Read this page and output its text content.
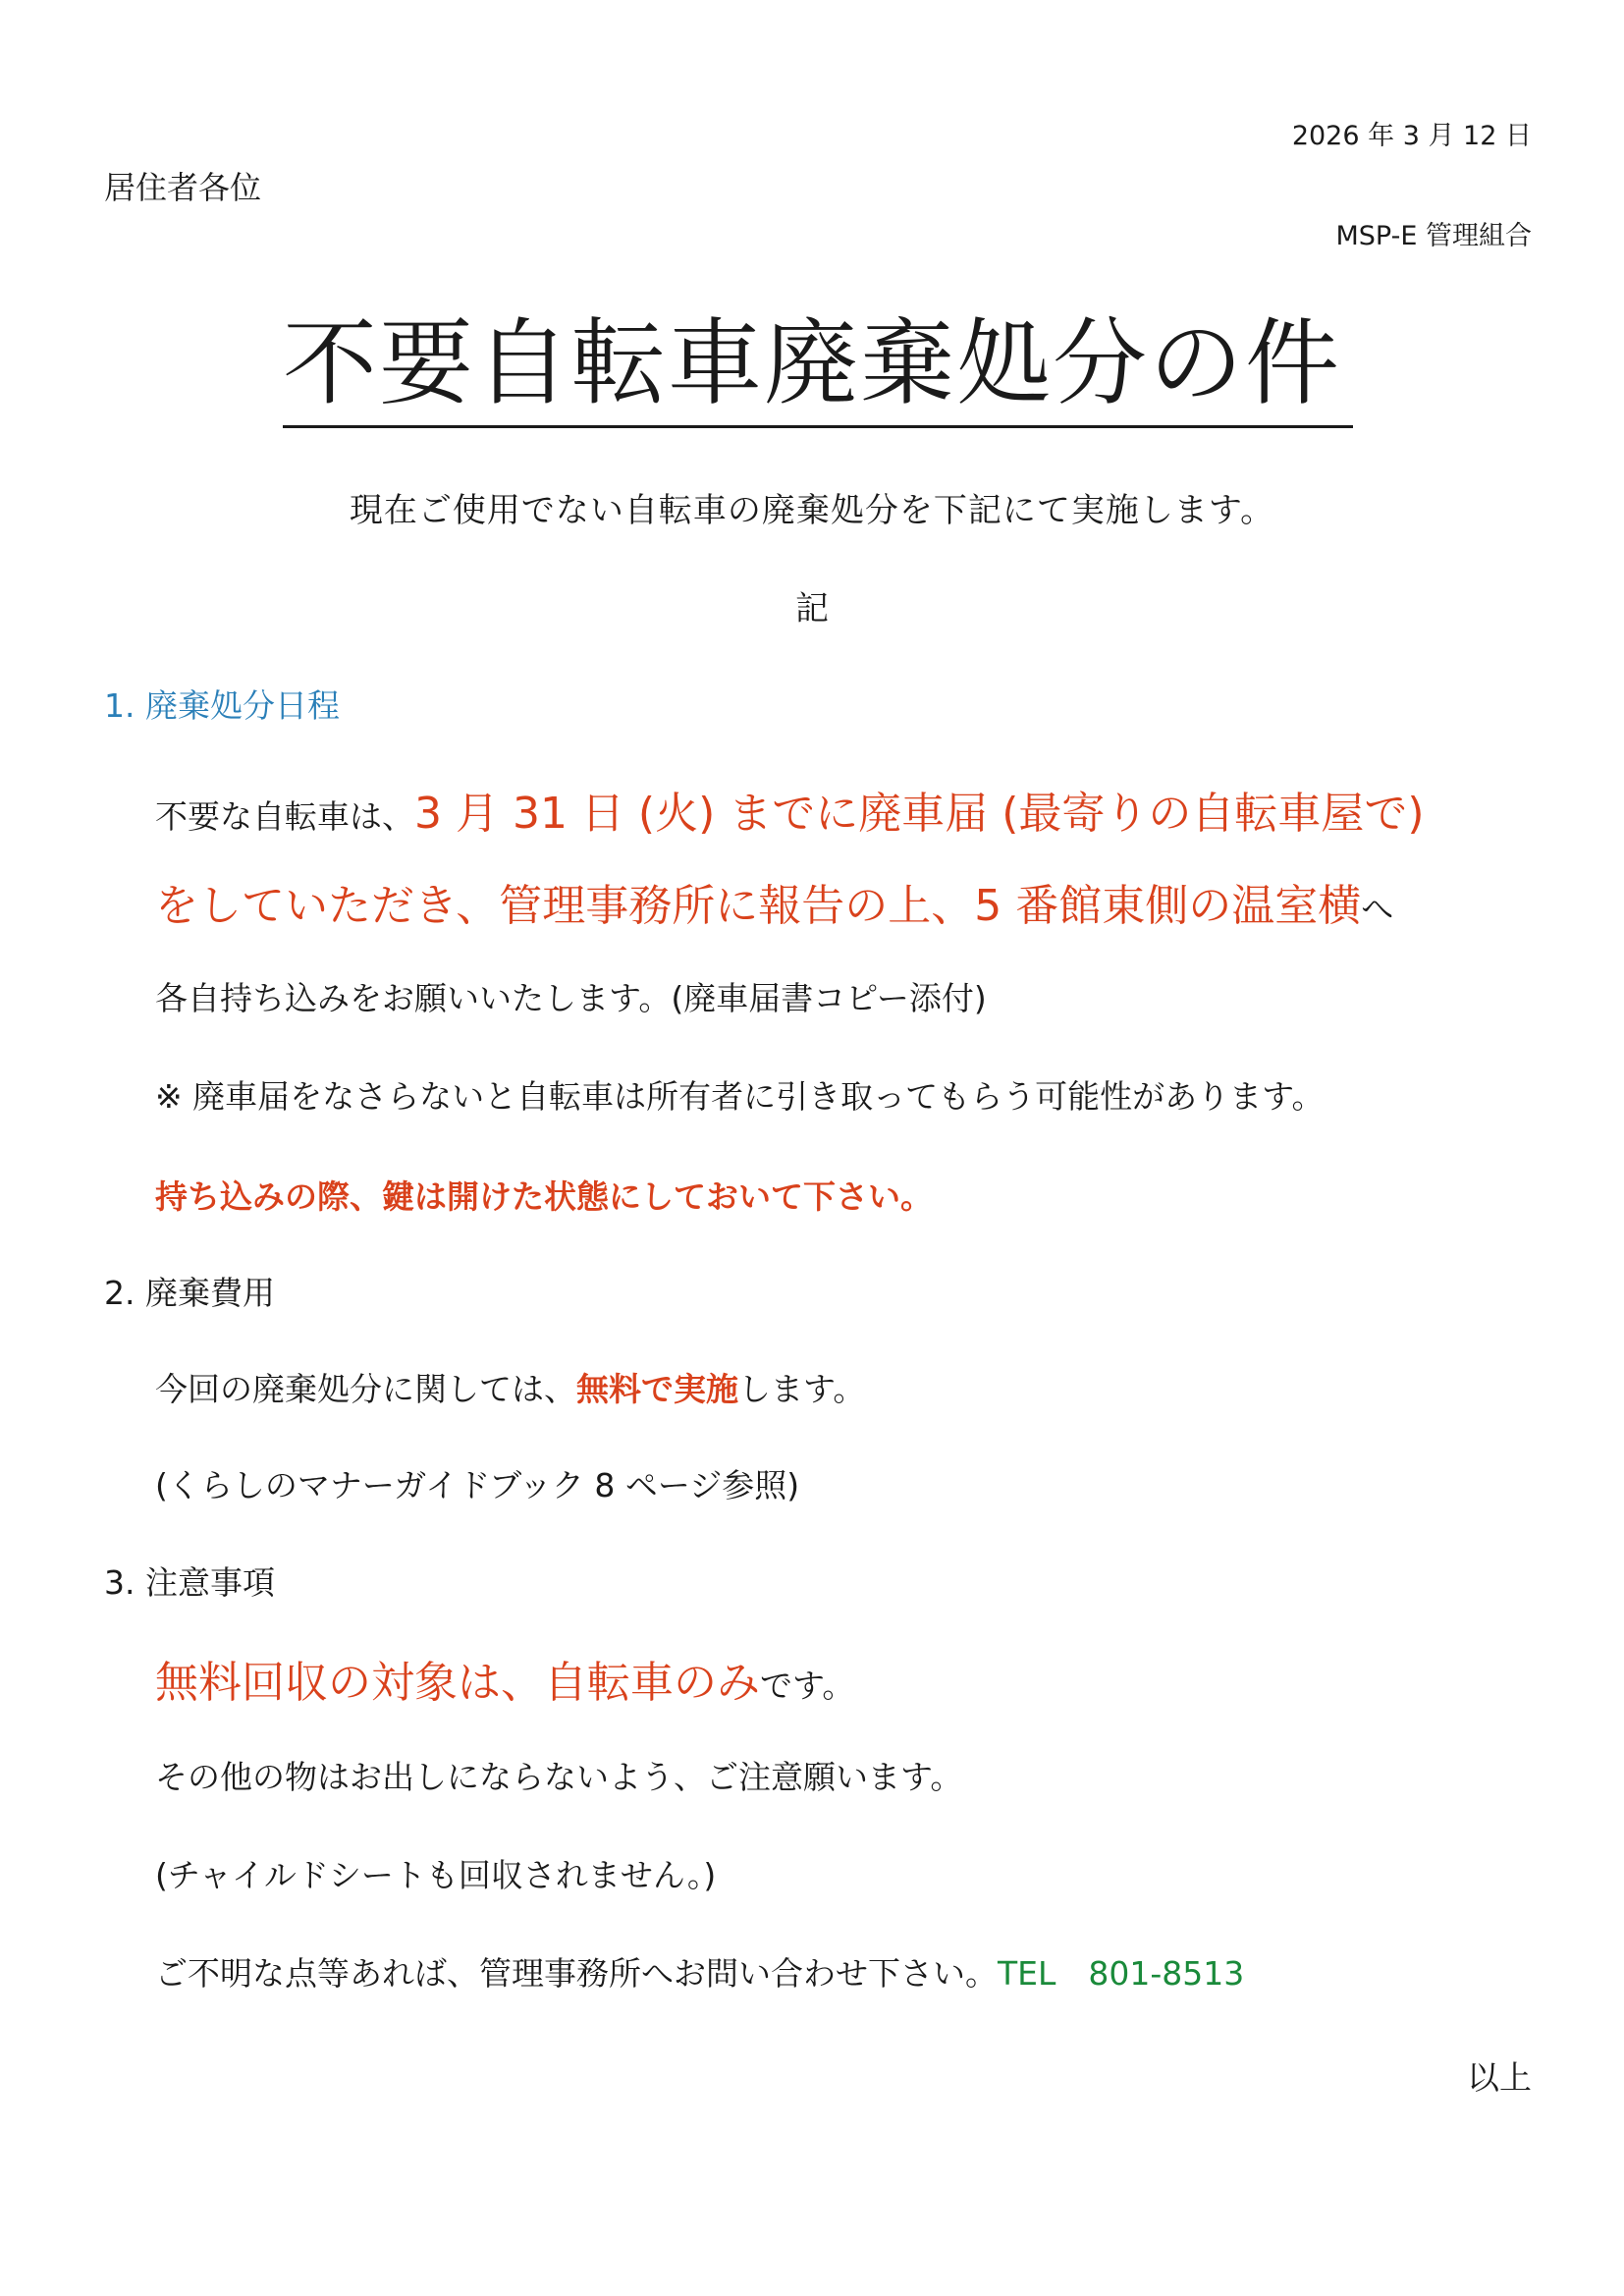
2026 年 3 月 12 日
居住者各位
MSP-E 管理組合
不要自転車廃棄処分の件
現在ご使用でない自転車の廃棄処分を下記にて実施します。
記
1. 廃棄処分日程
不要な自転車は、3 月 31 日 (火) までに廃車届 (最寄りの自転車屋で)
をしていただき、管理事務所に報告の上、5 番館東側の温室横へ
各自持ち込みをお願いいたします。(廃車届書コピー添付)
※ 廃車届をなさらないと自転車は所有者に引き取ってもらう可能性があります。
持ち込みの際、鍵は開けた状態にしておいて下さい。
2. 廃棄費用
今回の廃棄処分に関しては、無料で実施します。
(くらしのマナーガイドブック 8 ページ参照)
3. 注意事項
無料回収の対象は、自転車のみです。
その他の物はお出しにならないよう、ご注意願います。
(チャイルドシートも回収されません。)
ご不明な点等あれば、管理事務所へお問い合わせ下さい。TEL　801-8513
以上
